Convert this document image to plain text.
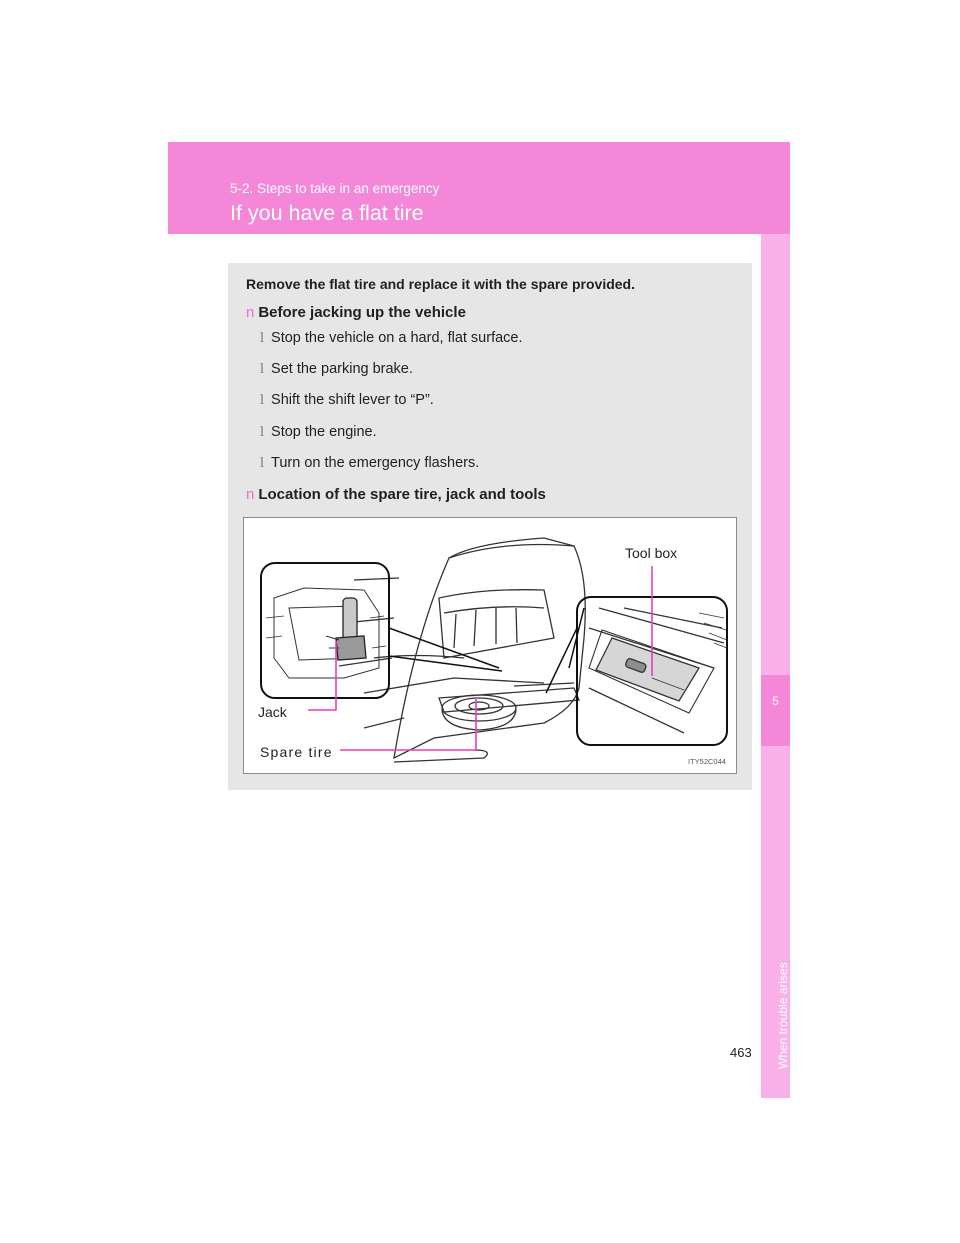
5-2. Steps to take in an emergency
If you have a flat tire
5
When trouble arises
Remove the flat tire and replace it with the spare provided.
n Before jacking up the vehicle
l Stop the vehicle on a hard, flat surface.
l Set the parking brake.
l Shift the shift lever to “P”.
l Stop the engine.
l Turn on the emergency flashers.
n Location of the spare tire, jack and tools
Tool box
Jack
Spare tire
ITY52C044
463
